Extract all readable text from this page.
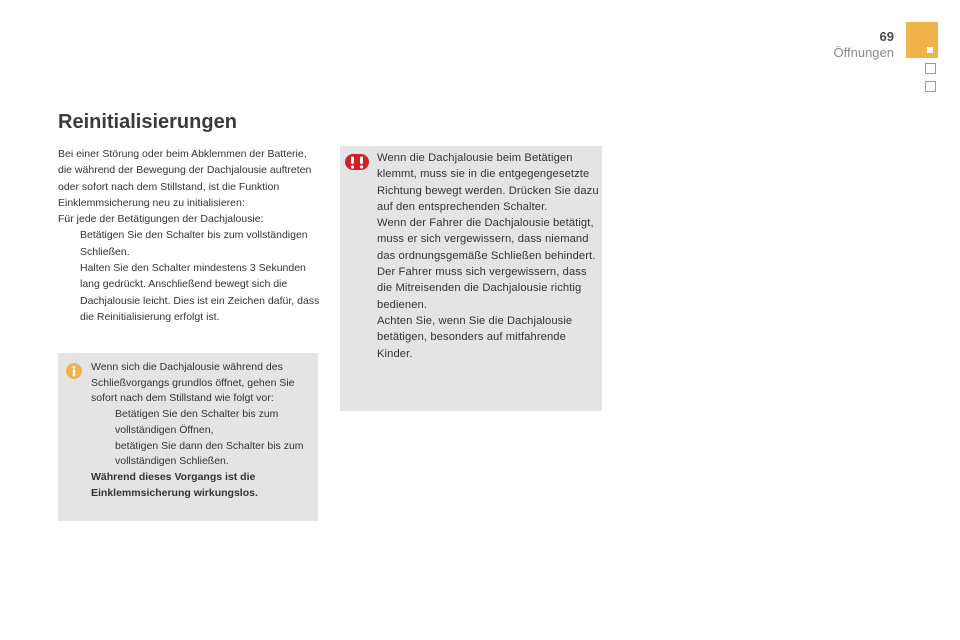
69
Öffnungen
Reinitialisierungen

Bei einer Störung oder beim Abklemmen der Batterie, die während der Bewegung der Dachjalousie auftreten oder sofort nach dem Stillstand, ist die Funktion Einklemmsicherung neu zu initialisieren:

Für jede der Betätigungen der Dachjalousie:

Betätigen Sie den Schalter bis zum vollständigen Schließen.
Halten Sie den Schalter mindestens 3 Sekunden lang gedrückt. Anschließend bewegt sich die Dachjalousie leicht. Dies ist ein Zeichen dafür, dass die Reinitialisierung erfolgt ist.

Wenn sich die Dachjalousie während des Schließvorgangs grundlos öffnet, gehen Sie sofort nach dem Stillstand wie folgt vor:

Betätigen Sie den Schalter bis zum vollständigen Öffnen,
betätigen Sie dann den Schalter bis zum vollständigen Schließen.

Während dieses Vorgangs ist die Einklemmsicherung wirkungslos.

Wenn die Dachjalousie beim Betätigen klemmt, muss sie in die entgegengesetzte Richtung bewegt werden. Drücken Sie dazu auf den entsprechenden Schalter.

Wenn der Fahrer die Dachjalousie betätigt, muss er sich vergewissern, dass niemand das ordnungsgemäße Schließen behindert.

Der Fahrer muss sich vergewissern, dass die Mitreisenden die Dachjalousie richtig bedienen.

Achten Sie, wenn Sie die Dachjalousie betätigen, besonders auf mitfahrende Kinder.
